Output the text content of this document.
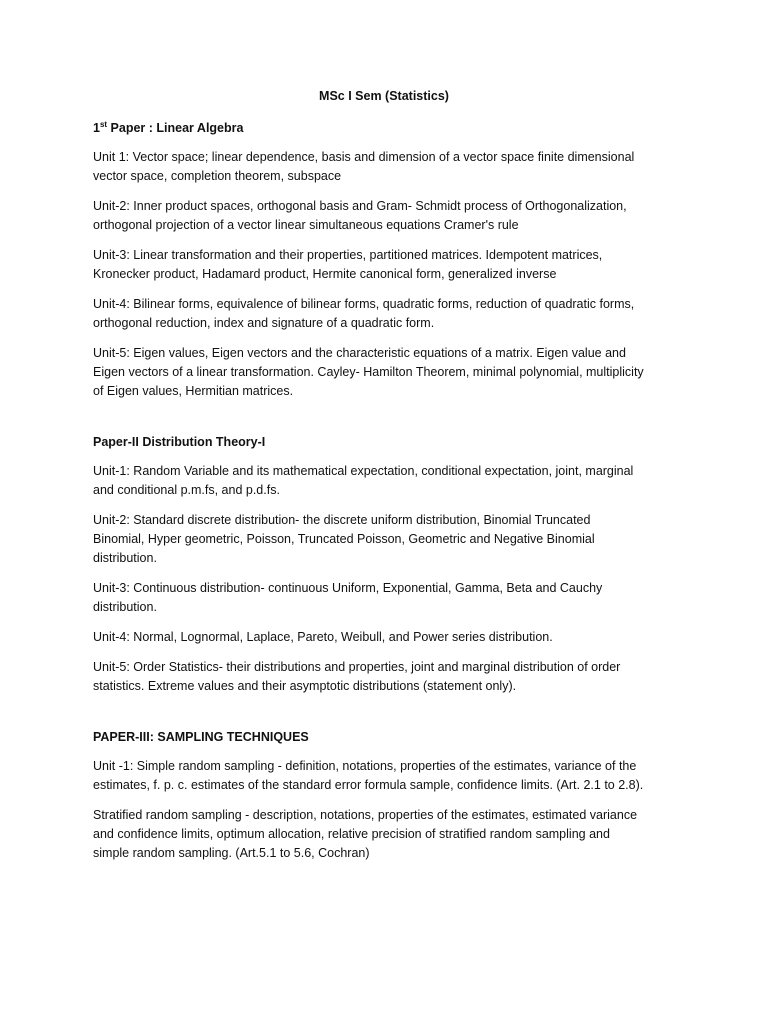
MSc I Sem (Statistics)
1st Paper : Linear Algebra
Unit 1: Vector space; linear dependence, basis and dimension of a vector space finite dimensional
vector space, completion theorem, subspace
Unit-2: Inner product spaces, orthogonal basis and Gram- Schmidt process of Orthogonalization,
orthogonal projection of a vector linear simultaneous equations Cramer's rule
Unit-3: Linear transformation and their properties, partitioned matrices. Idempotent matrices,
Kronecker product, Hadamard product, Hermite canonical form, generalized inverse
Unit-4: Bilinear forms, equivalence of bilinear forms, quadratic forms, reduction of quadratic forms,
orthogonal reduction, index and signature of a quadratic form.
Unit-5: Eigen values, Eigen vectors and the characteristic equations of a matrix. Eigen value and
Eigen vectors of a linear transformation. Cayley- Hamilton Theorem, minimal polynomial, multiplicity
of Eigen values, Hermitian matrices.
Paper-II Distribution Theory-I
Unit-1: Random Variable and its mathematical expectation, conditional expectation, joint, marginal
and conditional p.m.fs, and p.d.fs.
Unit-2: Standard discrete distribution- the discrete uniform distribution, Binomial Truncated
Binomial, Hyper geometric, Poisson, Truncated Poisson, Geometric and Negative Binomial
distribution.
Unit-3: Continuous distribution- continuous Uniform, Exponential, Gamma, Beta and Cauchy
distribution.
Unit-4: Normal, Lognormal, Laplace, Pareto, Weibull, and Power series distribution.
Unit-5: Order Statistics- their distributions and properties, joint and marginal distribution of order
statistics. Extreme values and their asymptotic distributions (statement only).
PAPER-III: SAMPLING TECHNIQUES
Unit -1: Simple random sampling - definition, notations, properties of the estimates, variance of the
estimates, f. p. c. estimates of the standard error formula sample, confidence limits. (Art. 2.1 to 2.8).
Stratified random sampling - description, notations, properties of the estimates, estimated variance
and confidence limits, optimum allocation, relative precision of stratified random sampling and
simple random sampling. (Art.5.1 to 5.6, Cochran)
